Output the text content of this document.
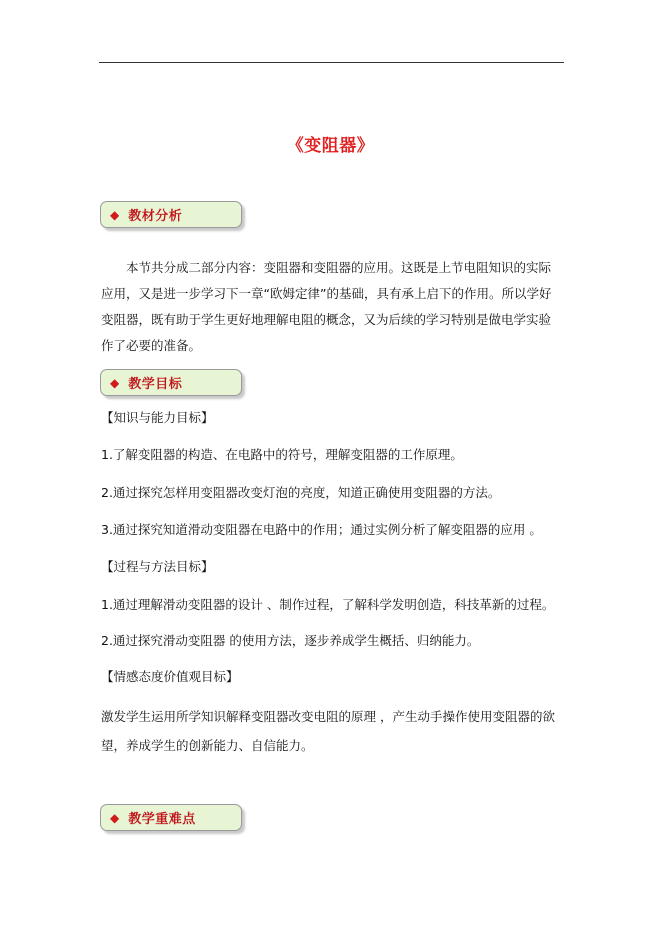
《变阻器》
◆ 教材分析

本节共分成二部分内容：变阻器和变阻器的应用。这既是上节电阻知识的实际应用，又是进一步学习下一章“欧姆定律”的基础，具有承上启下的作用。所以学好变阻器，既有助于学生更好地理解电阻的概念，又为后续的学习特别是做电学实验作了必要的准备。

◆ 教学目标

【知识与能力目标】

1.了解变阻器的构造、在电路中的符号，理解变阻器的工作原理。

2.通过探究怎样用变阻器改变灯泡的亮度，知道正确使用变阻器的方法。

3.通过探究知道滑动变阻器在电路中的作用；通过实例分析了解变阻器的应用 。

【过程与方法目标】

1.通过理解滑动变阻器的设计 、制作过程，了解科学发明创造，科技革新的过程。

2.通过探究滑动变阻器 的使用方法，逐步养成学生概括、归纳能力。

【情感态度价值观目标】

激发学生运用所学知识解释变阻器改变电阻的原理 ，产生动手操作使用变阻器的欲望，养成学生的创新能力、自信能力。

◆ 教学重难点
